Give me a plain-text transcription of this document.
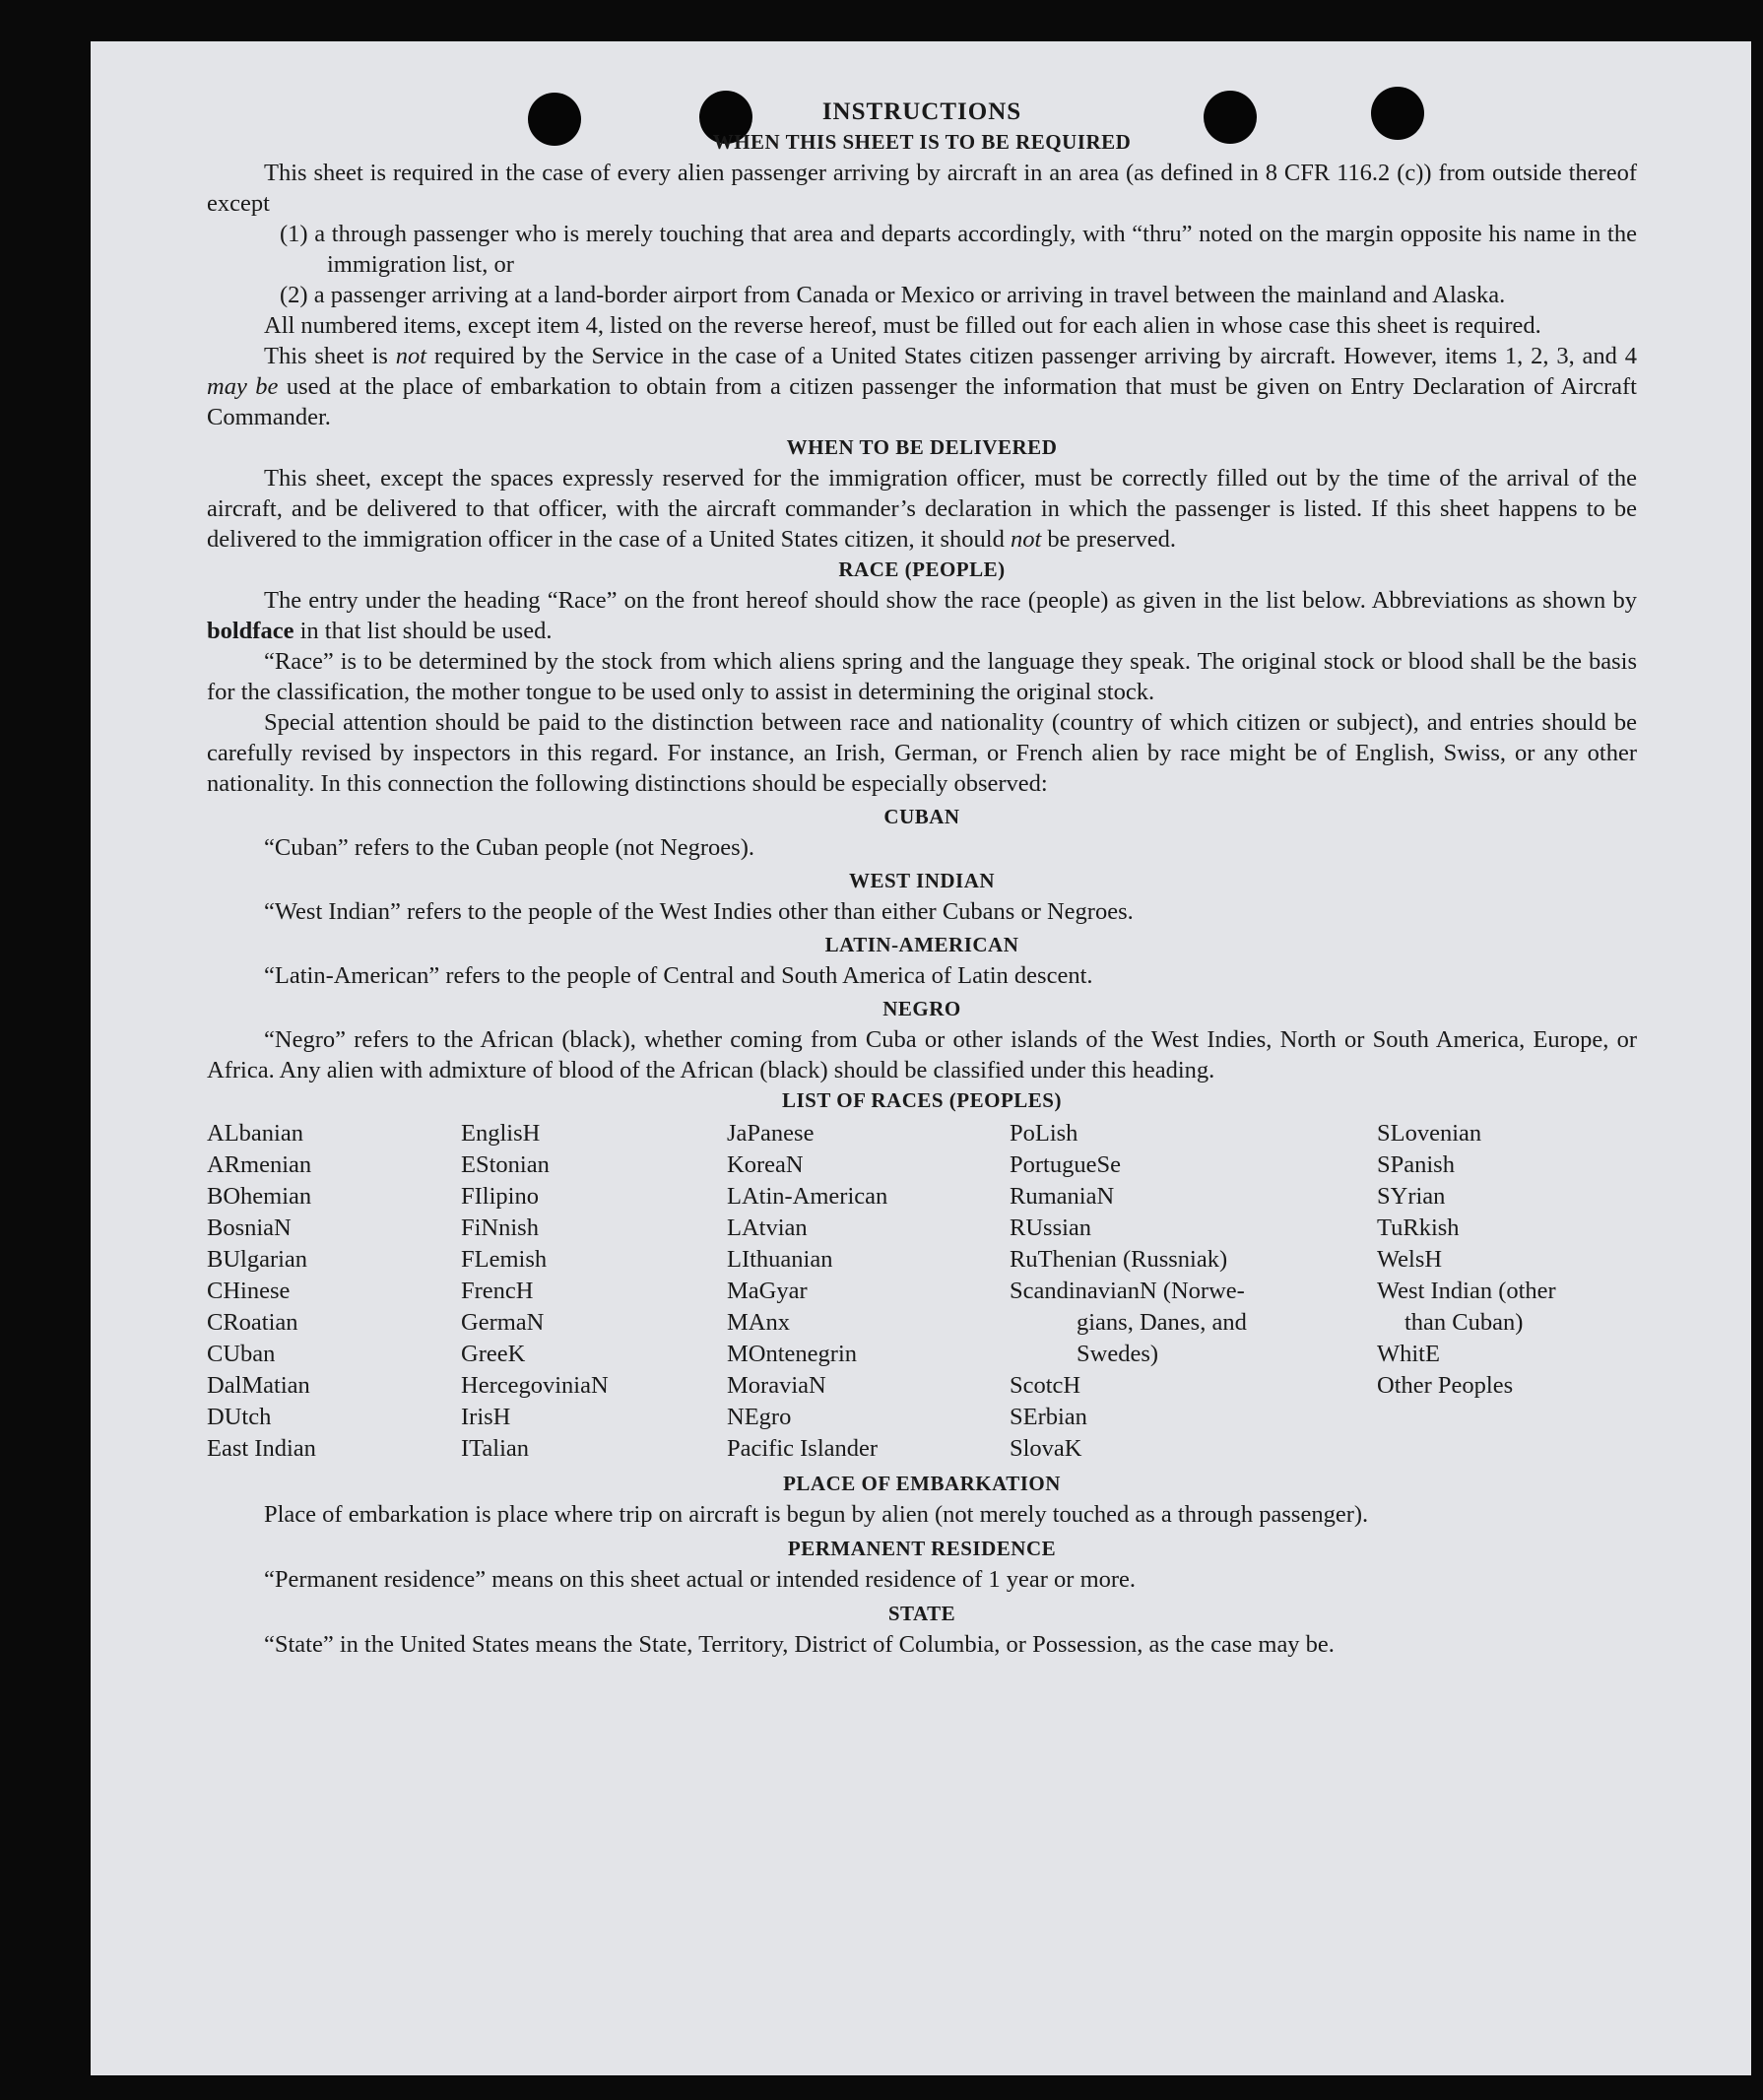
INSTRUCTIONS
WHEN THIS SHEET IS TO BE REQUIRED

This sheet is required in the case of every alien passenger arriving by aircraft in an area (as defined in 8 CFR 116.2 (c)) from outside thereof except

(1) a through passenger who is merely touching that area and departs accordingly, with “thru” noted on the margin opposite his name in the immigration list, or

(2) a passenger arriving at a land-border airport from Canada or Mexico or arriving in travel between the mainland and Alaska.

All numbered items, except item 4, listed on the reverse hereof, must be filled out for each alien in whose case this sheet is required.

This sheet is not required by the Service in the case of a United States citizen passenger arriving by aircraft. However, items 1, 2, 3, and 4 may be used at the place of embarkation to obtain from a citizen passenger the information that must be given on Entry Declaration of Aircraft Commander.

WHEN TO BE DELIVERED

This sheet, except the spaces expressly reserved for the immigration officer, must be correctly filled out by the time of the arrival of the aircraft, and be delivered to that officer, with the aircraft commander’s declaration in which the passenger is listed. If this sheet happens to be delivered to the immigration officer in the case of a United States citizen, it should not be preserved.

RACE (PEOPLE)

The entry under the heading “Race” on the front hereof should show the race (people) as given in the list below. Abbreviations as shown by boldface in that list should be used.

“Race” is to be determined by the stock from which aliens spring and the language they speak. The original stock or blood shall be the basis for the classification, the mother tongue to be used only to assist in determining the original stock.

Special attention should be paid to the distinction between race and nationality (country of which citizen or subject), and entries should be carefully revised by inspectors in this regard. For instance, an Irish, German, or French alien by race might be of English, Swiss, or any other nationality. In this connection the following distinctions should be especially observed:

CUBAN

“Cuban” refers to the Cuban people (not Negroes).

WEST INDIAN

“West Indian” refers to the people of the West Indies other than either Cubans or Negroes.

LATIN-AMERICAN

“Latin-American” refers to the people of Central and South America of Latin descent.

NEGRO

“Negro” refers to the African (black), whether coming from Cuba or other islands of the West Indies, North or South America, Europe, or Africa. Any alien with admixture of blood of the African (black) should be classified under this heading.

LIST OF RACES (PEOPLES)
ALbanian
ARmenian
BOhemian
BosniaN
BUlgarian
CHinese
CRoatian
CUban
DalMatian
DUtch
East Indian
EnglisH
EStonian
FIlipino
FiNnish
FLemish
FrencH
GermaN
GreeK
HercegoviniaN
IrisH
ITalian
JaPanese
KoreaN
LAtin-American
LAtvian
LIthuanian
MaGyar
MAnx
MOntenegrin
MoraviaN
NEgro
Pacific Islander
PoLish
PortugueSe
RumaniaN
RUssian
RuThenian (Russniak)
ScandinavianN (Norwe-
gians, Danes, and
Swedes)
ScotcH
SErbian
SlovaK
SLovenian
SPanish
SYrian
TuRkish
WelsH
West Indian (other
than Cuban)
WhitE
Other Peoples
PLACE OF EMBARKATION

Place of embarkation is place where trip on aircraft is begun by alien (not merely touched as a through passenger).

PERMANENT RESIDENCE

“Permanent residence” means on this sheet actual or intended residence of 1 year or more.

STATE

“State” in the United States means the State, Territory, District of Columbia, or Possession, as the case may be.
